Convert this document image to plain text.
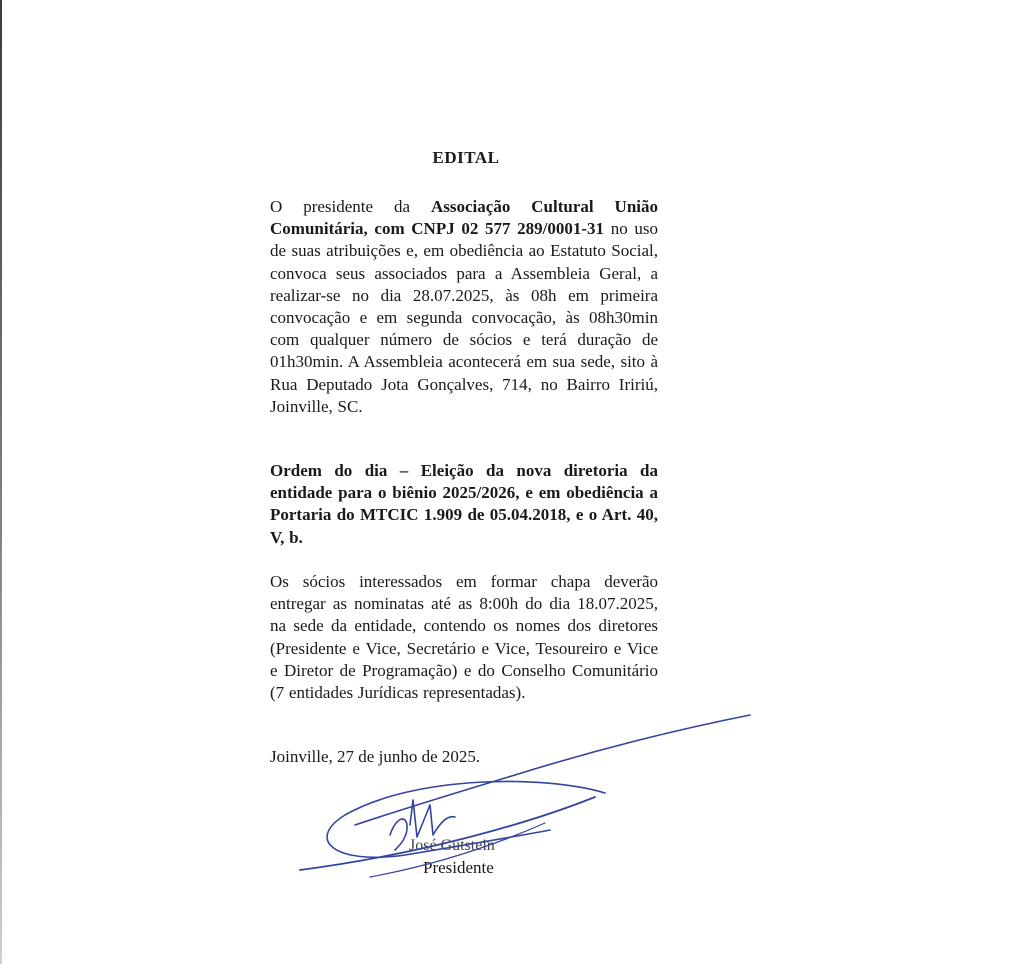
EDITAL
O presidente da Associação Cultural União Comunitária, com CNPJ 02 577 289/0001-31 no uso de suas atribuições e, em obediência ao Estatuto Social, convoca seus associados para a Assembleia Geral, a realizar-se no dia 28.07.2025, às 08h em primeira convocação e em segunda convocação, às 08h30min com qualquer número de sócios e terá duração de 01h30min. A Assembleia acontecerá em sua sede, sito à Rua Deputado Jota Gonçalves, 714, no Bairro Iririú, Joinville, SC.
Ordem do dia – Eleição da nova diretoria da entidade para o biênio 2025/2026, e em obediência a Portaria do MTCIC 1.909 de 05.04.2018, e o Art. 40, V, b.
Os sócios interessados em formar chapa deverão entregar as nominatas até as 8:00h do dia 18.07.2025, na sede da entidade, contendo os nomes dos diretores (Presidente e Vice, Secretário e Vice, Tesoureiro e Vice e Diretor de Programação) e do Conselho Comunitário (7 entidades Jurídicas representadas).
Joinville, 27 de junho de 2025.
José Gutstein
Presidente
